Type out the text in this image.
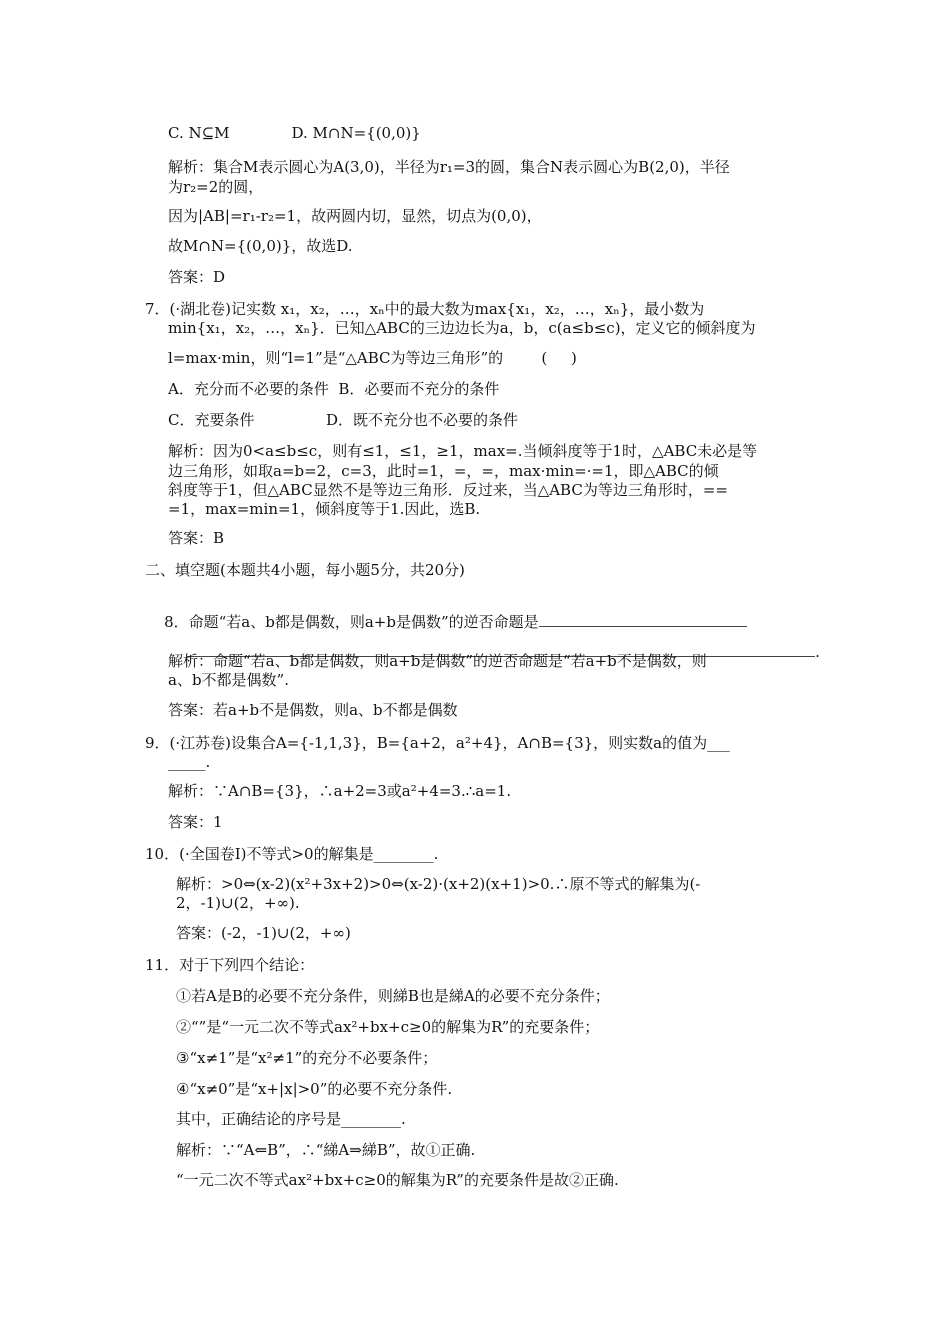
C. N⊆M             D. M∩N={(0,0)}
解析：集合M表示圆心为A(3,0)，半径为r₁=3的圆，集合N表示圆心为B(2,0)，半径
为r₂=2的圆，
因为|AB|=r₁-r₂=1，故两圆内切，显然，切点为(0,0)，
故M∩N={(0,0)}，故选D.
答案：D
7．(·湖北卷)记实数 x₁，x₂，…，xₙ中的最大数为max{x₁，x₂，…，xₙ}，最小数为
min{x₁，x₂，…，xₙ}．已知△ABC的三边边长为a，b，c(a≤b≤c)，定义它的倾斜度为
l=max·min，则“l=1”是“△ABC为等边三角形”的        (     )
A．充分而不必要的条件  B．必要而不充分的条件
C．充要条件               D．既不充分也不必要的条件
解析：因为0<a≤b≤c，则有≤1，≤1，≥1，max=.当倾斜度等于1时，△ABC未必是等
边三角形，如取a=b=2，c=3，此时=1，=，=，max·min=·=1，即△ABC的倾
斜度等于1，但△ABC显然不是等边三角形．反过来，当△ABC为等边三角形时，==
=1，max=min=1，倾斜度等于1.因此，选B.
答案：B
二、填空题(本题共4小题，每小题5分，共20分)

8．命题“若a、b都是偶数，则a+b是偶数”的逆否命题是

.

解析：命题“若a、b都是偶数，则a+b是偶数”的逆否命题是“若a+b不是偶数，则
a、b不都是偶数”.
答案：若a+b不是偶数，则a、b不都是偶数
9．(·江苏卷)设集合A={-1,1,3}，B={a+2，a²+4}，A∩B={3}，则实数a的值为___
_____.
解析：∵A∩B={3}，∴a+2=3或a²+4=3.∴a=1.
答案：1
10．(·全国卷Ⅰ)不等式>0的解集是________.
解析：>0⇔(x-2)(x²+3x+2)>0⇔(x-2)·(x+2)(x+1)>0.∴原不等式的解集为(-
2，-1)∪(2，+∞).
答案：(-2，-1)∪(2，+∞)
11．对于下列四个结论：
①若A是B的必要不充分条件，则綈B也是綈A的必要不充分条件；
②“”是“一元二次不等式ax²+bx+c≥0的解集为R”的充要条件；
③“x≠1”是“x²≠1”的充分不必要条件；
④“x≠0”是“x+|x|>0”的必要不充分条件.
其中，正确结论的序号是________.
解析：∵“A⇐B”，∴“綈A⇒綈B”，故①正确.
“一元二次不等式ax²+bx+c≥0的解集为R”的充要条件是故②正确.
